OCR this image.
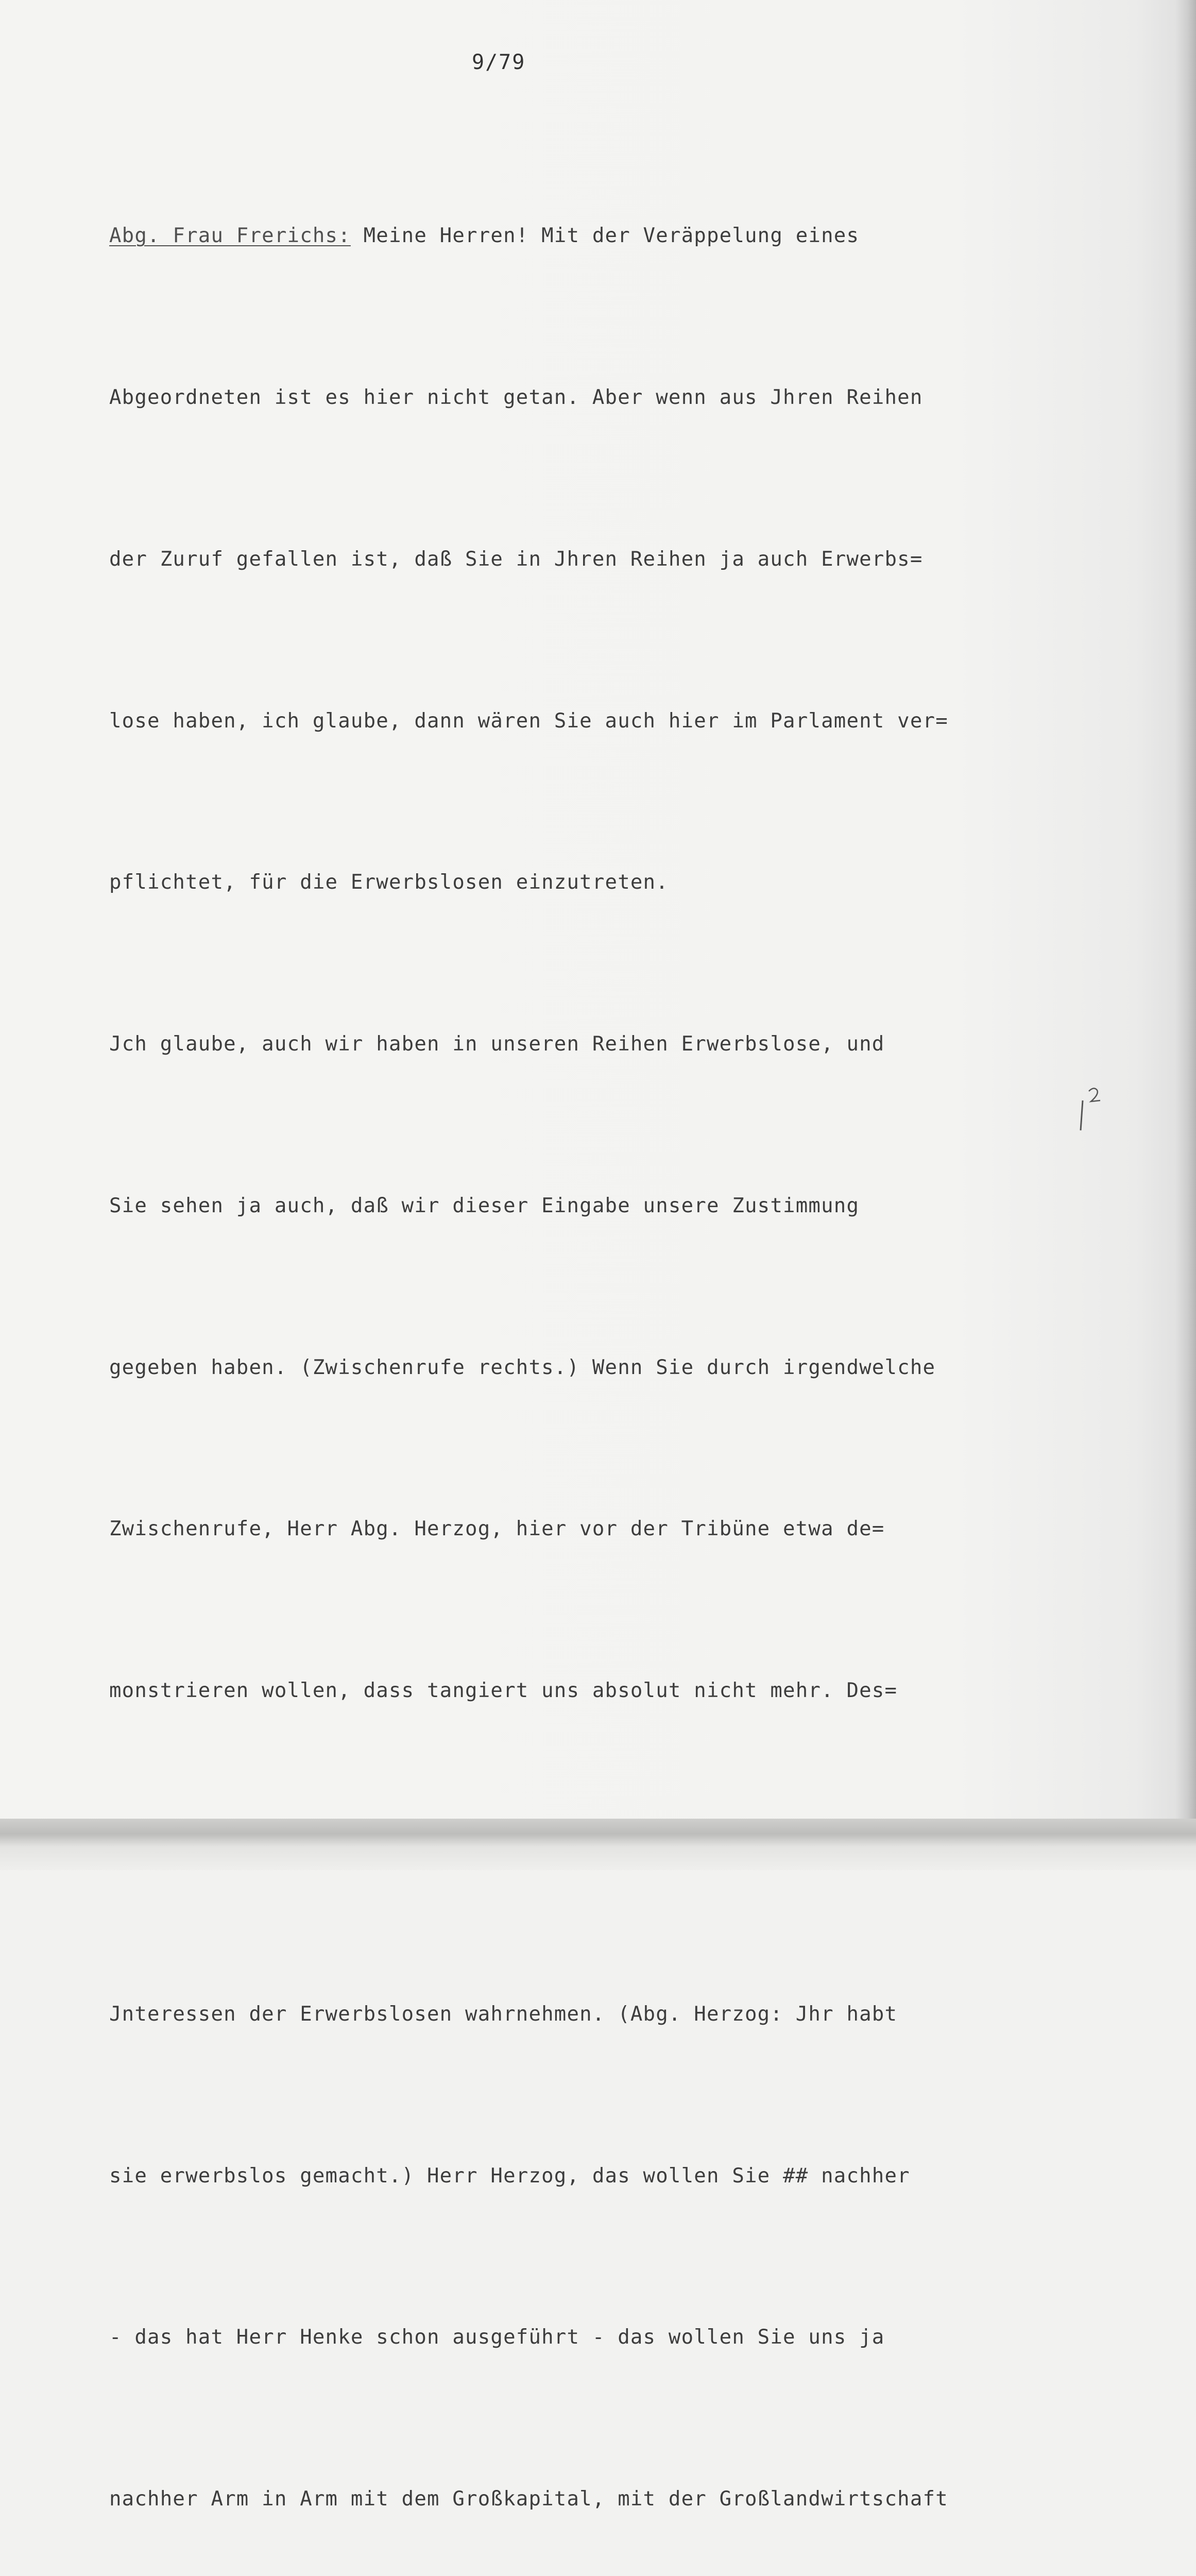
9/79

Abg. Frau Frerichs: Meine Herren! Mit der Veräppelung eines

Abgeordneten ist es hier nicht getan. Aber wenn aus Jhren Reihen

der Zuruf gefallen ist, daß Sie in Jhren Reihen ja auch Erwerbs=

lose haben, ich glaube, dann wären Sie auch hier im Parlament ver=

pflichtet, für die Erwerbslosen einzutreten.

Jch glaube, auch wir haben in unseren Reihen Erwerbslose, und

Sie sehen ja auch, daß wir dieser Eingabe unsere Zustimmung

gegeben haben. (Zwischenrufe rechts.) Wenn Sie durch irgendwelche

Zwischenrufe, Herr Abg. Herzog, hier vor der Tribüne etwa de=

monstrieren wollen, dass tangiert uns absolut nicht mehr. Des=

Jnteressen der Erwerbslosen wahrnehmen. (Abg. Herzog: Jhr habt

sie erwerbslos gemacht.) Herr Herzog, das wollen Sie ## nachher

- das hat Herr Henke schon ausgeführt - das wollen Sie uns ja

nachher Arm in Arm mit dem Großkapital, mit der Großlandwirtschaft
